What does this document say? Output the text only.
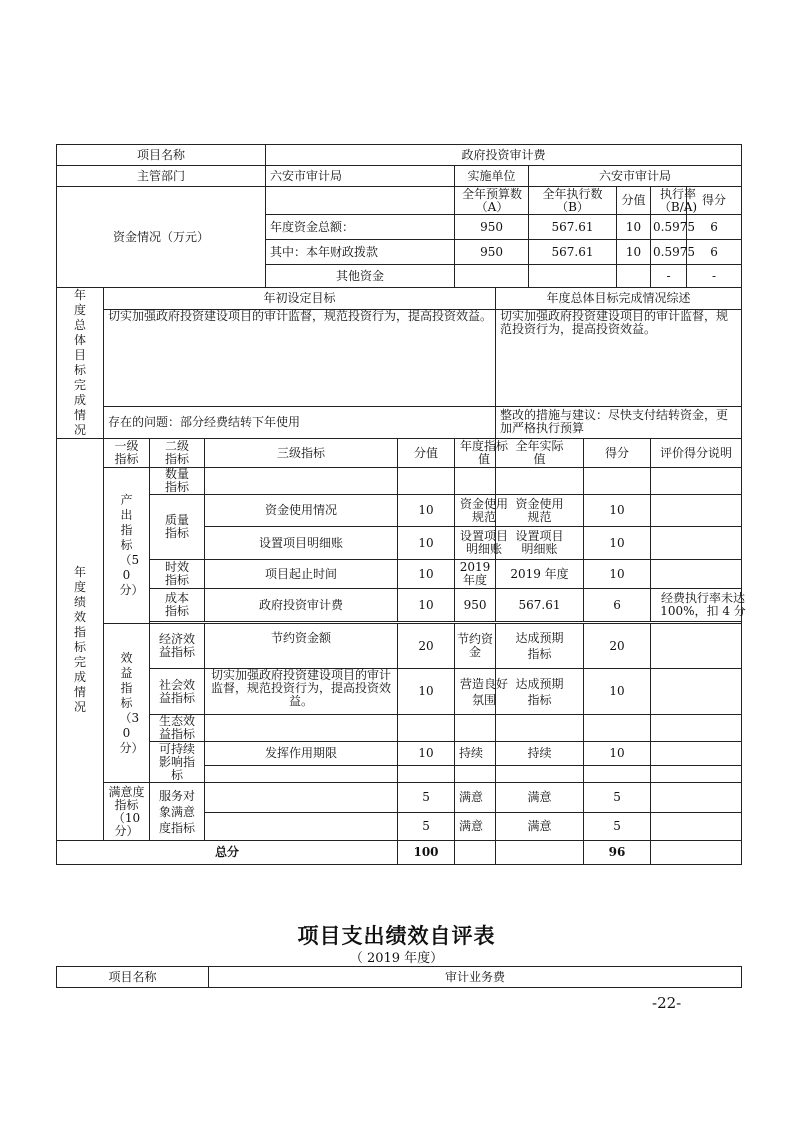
项目名称				政府投资审计费								
主管部门				六安市审计局		实施单位		六安市审计局				

资金情况（万元）						全年预算数（A）		全年执行数（B）		分值	执行率（B/A)	得分
				年度资金总额：		950		567.61		10	0.5975	6
				其中：本年财政拨款		950		567.61		10	0.5975	6
				其他资金							-	-

年度总体目标完成情况	年初设定目标						年度总体目标完成情况综述					
	切实加强政府投资建设项目的审计监督，规范投资行为，提高投资效益。						切实加强政府投资建设项目的审计监督，规范投资行为，提高投资效益。					
	存在的问题：部分经费结转下年使用						整改的措施与建议：尽快支付结转资金，更加严格执行预算					

年度绩效指标完成情况	一级指标	二级指标	三级指标		分值	年度指标值	全年实际值		得分		评价得分说明	

	产出指标（50分）	数量指标										

		质量指标	资金使用情况		10	资金使用规范	资金使用规范		10			
			设置项目明细账		10	设置项目明细账	设置项目明细账		10			

		时效指标	项目起止时间		10	2019 年度	2019 年度		10			

		成本指标	政府投资审计费		10	950	567.61		6		经费执行率未达 100%，扣 4 分	

	效益指标（30分）	经济效益指标	节约资金额		20	节约资金	达成预期指标		20			

		社会效益指标	切实加强政府投资建设项目的审计监督，规范投资行为，提高投资效益。		10	营造良好氛围	达成预期指标		10			

		生态效益指标										

		可持续影响指标	发挥作用期限		10	持续	持续		10			

	满意度指标（10分）	服务对象满意度指标			5	满意	满意		5			
					5	满意	满意		5			
总分					100				96			
项目支出绩效自评表
（ 2019 年度）
项目名称	审计业务费
-22-
